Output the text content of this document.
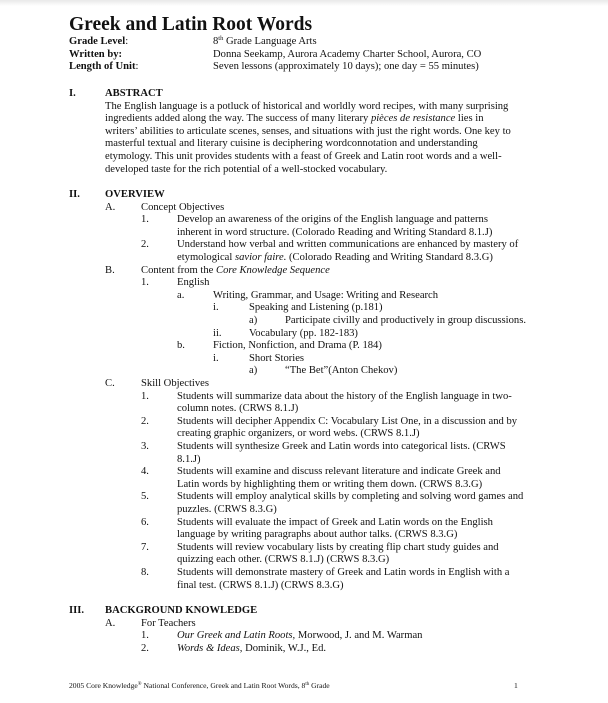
Greek and Latin Root Words
Grade Level:	8th Grade Language Arts
Written by:	Donna Seekamp, Aurora Academy Charter School, Aurora, CO
Length of Unit:	Seven lessons (approximately 10 days); one day = 55 minutes)
I.	ABSTRACT
The English language is a potluck of historical and worldly word recipes, with many surprising
ingredients added along the way. The success of many literary pièces de resistance lies in
writers’ abilities to articulate scenes, senses, and situations with just the right words. One key to
masterful textual and literary cuisine is deciphering wordconnotation and understanding
etymology. This unit provides students with a feast of Greek and Latin root words and a well-
developed taste for the rich potential of a well-stocked vocabulary.
II. OVERVIEW
A. Concept Objectives
1.	Develop an awareness of the origins of the English language and patterns
inherent in word structure. (Colorado Reading and Writing Standard 8.1.J)
2.	Understand how verbal and written communications are enhanced by mastery of
etymological savior faire. (Colorado Reading and Writing Standard 8.3.G)
B. Content from the Core Knowledge Sequence
1.	English
a.	Writing, Grammar, and Usage: Writing and Research
i.	Speaking and Listening (p.181)
a)	Participate civilly and productively in group discussions.
ii.	Vocabulary (pp. 182-183)
b.	Fiction, Nonfiction, and Drama (P. 184)
i.	Short Stories
a)	“The Bet”(Anton Chekov)
C. Skill Objectives
1.	Students will summarize data about the history of the English language in two-
column notes. (CRWS 8.1.J)
2.	Students will decipher Appendix C: Vocabulary List One, in a discussion and by
creating graphic organizers, or word webs. (CRWS 8.1.J)
3.	Students will synthesize Greek and Latin words into categorical lists. (CRWS
8.1.J)
4.	Students will examine and discuss relevant literature and indicate Greek and
Latin words by highlighting them or writing them down. (CRWS 8.3.G)
5.	Students will employ analytical skills by completing and solving word games and
puzzles. (CRWS 8.3.G)
6.	Students will evaluate the impact of Greek and Latin words on the English
language by writing paragraphs about author talks. (CRWS 8.3.G)
7.	Students will review vocabulary lists by creating flip chart study guides and
quizzing each other. (CRWS 8.1.J) (CRWS 8.3.G)
8.	Students will demonstrate mastery of Greek and Latin words in English with a
final test. (CRWS 8.1.J) (CRWS 8.3.G)
III. BACKGROUND KNOWLEDGE
A. For Teachers
1.	Our Greek and Latin Roots, Morwood, J. and M. Warman
2.	Words & Ideas, Dominik, W.J., Ed.
2005 Core Knowledge® National Conference, Greek and Latin Root Words, 8th Grade	1
